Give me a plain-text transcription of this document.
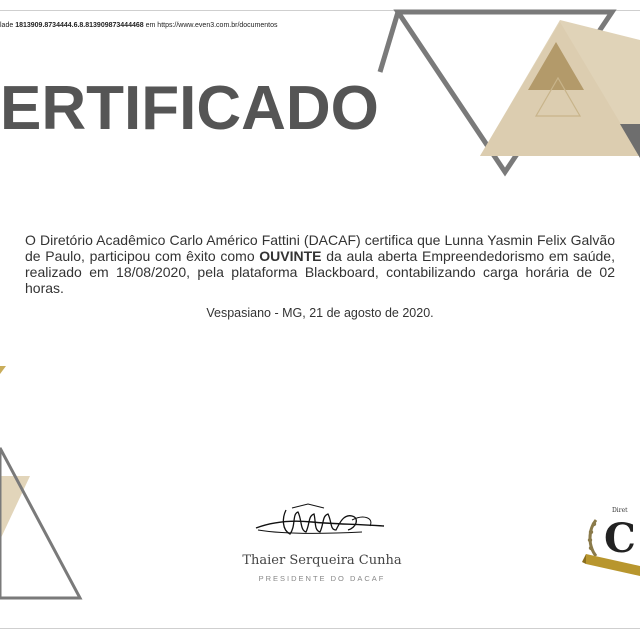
lade 1813909.8734444.6.8.813909873444468 em https://www.even3.com.br/documentos
ERTIFICADO
O Diretório Acadêmico Carlo Américo Fattini (DACAF) certifica que Lunna Yasmin Felix Galvão de Paulo, participou com êxito como OUVINTE da aula aberta Empreendedorismo em saúde, realizado em 18/08/2020, pela plataforma Blackboard, contabilizando carga horária de 02 horas.
Vespasiano - MG, 21 de agosto de 2020.
Thaier Serqueira Cunha
PRESIDENTE DO DACAF
C
Diret
